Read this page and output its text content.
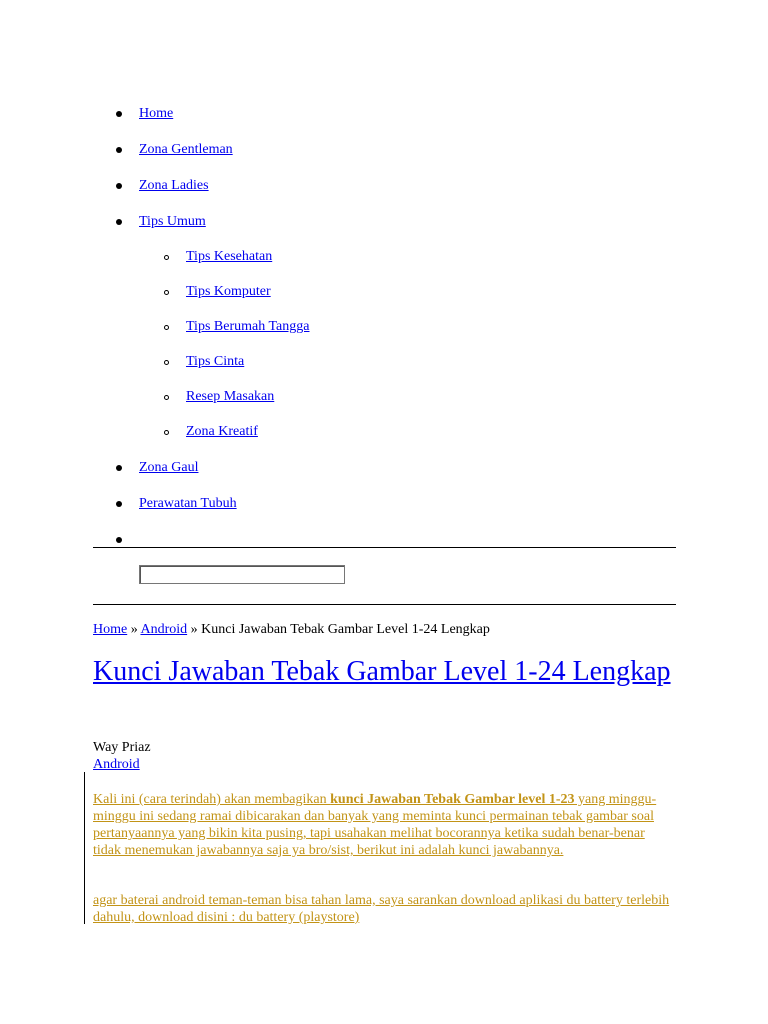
Home
Zona Gentleman
Zona Ladies
Tips Umum
Tips Kesehatan
Tips Komputer
Tips Berumah Tangga
Tips Cinta
Resep Masakan
Zona Kreatif
Zona Gaul
Perawatan Tubuh
Home » Android » Kunci Jawaban Tebak Gambar Level 1-24 Lengkap
Kunci Jawaban Tebak Gambar Level 1-24 Lengkap
Way Priaz
Android

Kali ini (cara terindah) akan membagikan kunci Jawaban Tebak Gambar level 1-23 yang minggu-minggu ini sedang ramai dibicarakan dan banyak yang meminta kunci permainan tebak gambar soal pertanyaannya yang bikin kita pusing, tapi usahakan melihat bocorannya ketika sudah benar-benar tidak menemukan jawabannya saja ya bro/sist, berikut ini adalah kunci jawabannya.

agar baterai android teman-teman bisa tahan lama, saya sarankan download aplikasi du battery terlebih dahulu, download disini : du battery (playstore)
